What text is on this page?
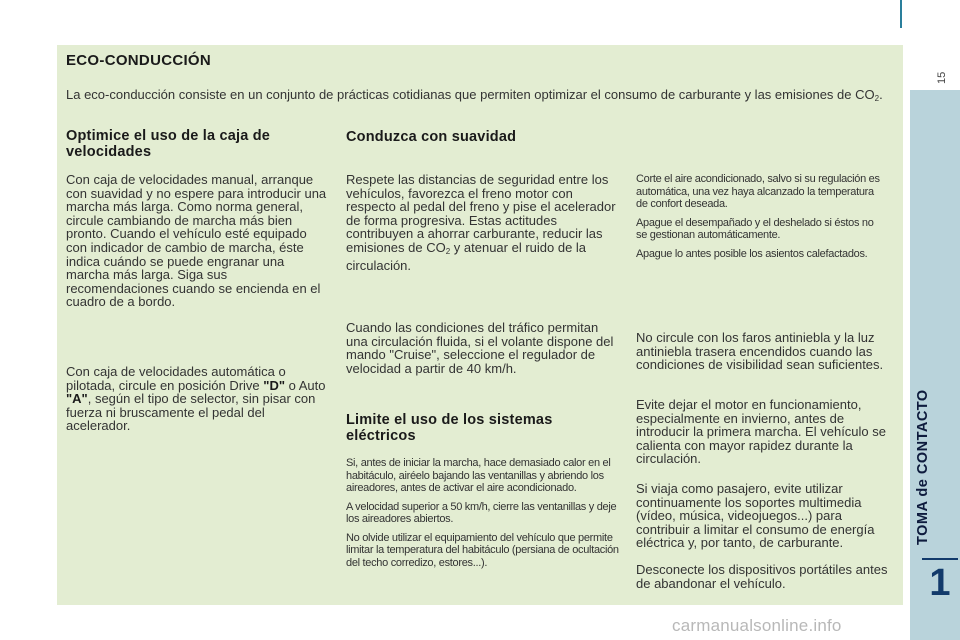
ECO-CONDUCCIÓN
La eco-conducción consiste en un conjunto de prácticas cotidianas que permiten optimizar el consumo de carburante y las emisiones de $CO_2$.
Optimice el uso de la caja de velocidades
Con caja de velocidades manual, arranque con suavidad y no espere para introducir una marcha más larga. Como norma general, circule cambiando de marcha más bien pronto. Cuando el vehículo esté equipado con indicador de cambio de marcha, éste indica cuándo se puede engranar una marcha más larga. Siga sus recomendaciones cuando se encienda en el cuadro de a bordo.
Con caja de velocidades automática o pilotada, circule en posición Drive "D" o Auto "A", según el tipo de selector, sin pisar con fuerza ni bruscamente el pedal del acelerador.
Conduzca con suavidad
Respete las distancias de seguridad entre los vehículos, favorezca el freno motor con respecto al pedal del freno y pise el acelerador de forma progresiva. Estas actitudes contribuyen a ahorrar carburante, reducir las emisiones de $CO_2$ y atenuar el ruido de la circulación.
Cuando las condiciones del tráfico permitan una circulación fluida, si el volante dispone del mando "Cruise", seleccione el regulador de velocidad a partir de 40 km/h.
Limite el uso de los sistemas eléctricos

Si, antes de iniciar la marcha, hace demasiado calor en el habitáculo, airéelo bajando las ventanillas y abriendo los aireadores, antes de activar el aire acondicionado.

A velocidad superior a 50 km/h, cierre las ventanillas y deje los aireadores abiertos.

No olvide utilizar el equipamiento del vehículo que permite limitar la temperatura del habitáculo (persiana de ocultación del techo corredizo, estores...).

Corte el aire acondicionado, salvo si su regulación es automática, una vez haya alcanzado la temperatura de confort deseada.

Apague el desempañado y el deshelado si éstos no se gestionan automáticamente.

Apague lo antes posible los asientos calefactados.

No circule con los faros antiniebla y la luz antiniebla trasera encendidos cuando las condiciones de visibilidad sean suficientes.
Evite dejar el motor en funcionamiento, especialmente en invierno, antes de introducir la primera marcha. El vehículo se calienta con mayor rapidez durante la circulación.
Si viaja como pasajero, evite utilizar continuamente los soportes multimedia (vídeo, música, videojuegos...) para contribuir a limitar el consumo de energía eléctrica y, por tanto, de carburante.
Desconecte los dispositivos portátiles antes de abandonar el vehículo.
15
1
carmanualsonline.info
